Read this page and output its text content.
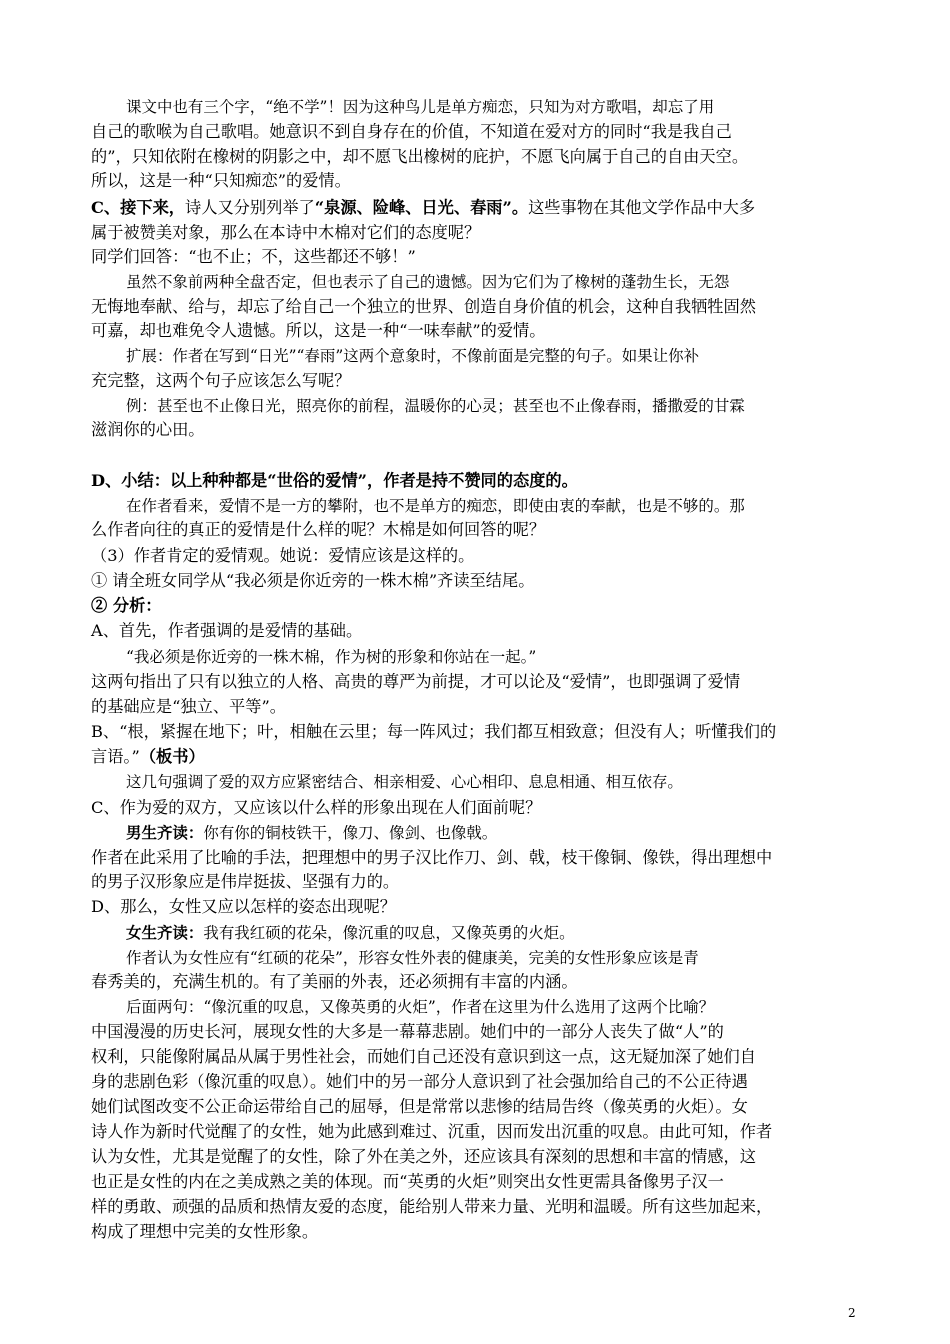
课文中也有三个字，“绝不学”！因为这种鸟儿是单方痴恋，只知为对方歌唱，却忘了用
自己的歌喉为自己歌唱。她意识不到自身存在的价值，不知道在爱对方的同时“我是我自己
的”，只知依附在橡树的阴影之中，却不愿飞出橡树的庇护，不愿飞向属于自己的自由天空。
所以，这是一种“只知痴恋”的爱情。
C、接下来，诗人又分别列举了“泉源、险峰、日光、春雨”。这些事物在其他文学作品中大多
属于被赞美对象，那么在本诗中木棉对它们的态度呢？
同学们回答：“也不止；不，这些都还不够！”
虽然不象前两种全盘否定，但也表示了自己的遗憾。因为它们为了橡树的蓬勃生长，无怨
无悔地奉献、给与，却忘了给自己一个独立的世界、创造自身价值的机会，这种自我牺牲固然
可嘉，却也难免令人遗憾。所以，这是一种“一味奉献”的爱情。
扩展：作者在写到“日光”“春雨”这两个意象时，不像前面是完整的句子。如果让你补
充完整，这两个句子应该怎么写呢？
例：甚至也不止像日光，照亮你的前程，温暖你的心灵；甚至也不止像春雨，播撒爱的甘霖
滋润你的心田。
D、小结：以上种种都是“世俗的爱情”，作者是持不赞同的态度的。
在作者看来，爱情不是一方的攀附，也不是单方的痴恋，即使由衷的奉献，也是不够的。那
么作者向往的真正的爱情是什么样的呢？木棉是如何回答的呢？
（3）作者肯定的爱情观。她说：爱情应该是这样的。
① 请全班女同学从“我必须是你近旁的一株木棉”齐读至结尾。
② 分析：
A、首先，作者强调的是爱情的基础。
“我必须是你近旁的一株木棉，作为树的形象和你站在一起。”
这两句指出了只有以独立的人格、高贵的尊严为前提，才可以论及“爱情”，也即强调了爱情
的基础应是“独立、平等”。
B、“根，紧握在地下；叶，相触在云里；每一阵风过；我们都互相致意；但没有人；听懂我们的
言语。”（板书）
这几句强调了爱的双方应紧密结合、相亲相爱、心心相印、息息相通、相互依存。
C、作为爱的双方，又应该以什么样的形象出现在人们面前呢？
男生齐读：你有你的铜枝铁干，像刀、像剑、也像戟。
作者在此采用了比喻的手法，把理想中的男子汉比作刀、剑、戟，枝干像铜、像铁，得出理想中
的男子汉形象应是伟岸挺拔、坚强有力的。
D、那么，女性又应以怎样的姿态出现呢？
女生齐读：我有我红硕的花朵，像沉重的叹息，又像英勇的火炬。
作者认为女性应有“红硕的花朵”，形容女性外表的健康美，完美的女性形象应该是青
春秀美的，充满生机的。有了美丽的外表，还必须拥有丰富的内涵。
后面两句：“像沉重的叹息，又像英勇的火炬”，作者在这里为什么选用了这两个比喻？
中国漫漫的历史长河，展现女性的大多是一幕幕悲剧。她们中的一部分人丧失了做“人”的
权利，只能像附属品从属于男性社会，而她们自己还没有意识到这一点，这无疑加深了她们自
身的悲剧色彩（像沉重的叹息）。她们中的另一部分人意识到了社会强加给自己的不公正待遇
她们试图改变不公正命运带给自己的屈辱，但是常常以悲惨的结局告终（像英勇的火炬）。女
诗人作为新时代觉醒了的女性，她为此感到难过、沉重，因而发出沉重的叹息。由此可知，作者
认为女性，尤其是觉醒了的女性，除了外在美之外，还应该具有深刻的思想和丰富的情感，这
也正是女性的内在之美成熟之美的体现。而“英勇的火炬”则突出女性更需具备像男子汉一
样的勇敢、顽强的品质和热情友爱的态度，能给别人带来力量、光明和温暖。所有这些加起来，
构成了理想中完美的女性形象。
2
